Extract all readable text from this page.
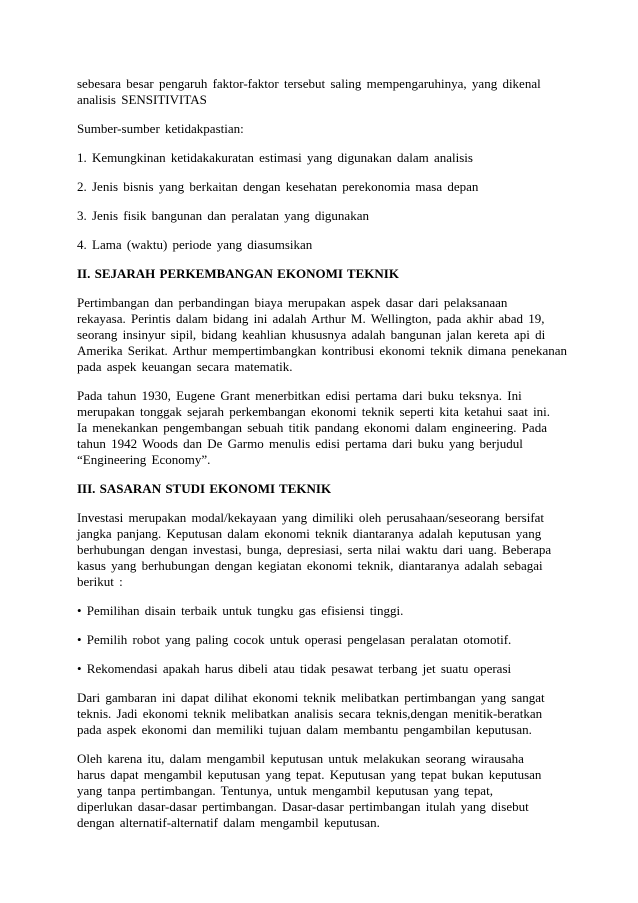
sebesara besar pengaruh faktor-faktor tersebut saling mempengaruhinya, yang dikenal
analisis SENSITIVITAS

Sumber-sumber ketidakpastian:

1. Kemungkinan ketidakakuratan estimasi yang digunakan dalam analisis

2. Jenis bisnis yang berkaitan dengan kesehatan perekonomia masa depan

3. Jenis fisik bangunan dan peralatan yang digunakan

4. Lama (waktu) periode yang diasumsikan

II. SEJARAH PERKEMBANGAN EKONOMI TEKNIK

Pertimbangan dan perbandingan biaya merupakan aspek dasar dari pelaksanaan
rekayasa. Perintis dalam bidang ini adalah Arthur M. Wellington, pada akhir abad 19,
seorang insinyur sipil, bidang keahlian khususnya adalah bangunan jalan kereta api di
Amerika Serikat. Arthur mempertimbangkan kontribusi ekonomi teknik dimana penekanan
pada aspek keuangan secara matematik.

Pada tahun 1930, Eugene Grant menerbitkan edisi pertama dari buku teksnya. Ini
merupakan tonggak sejarah perkembangan ekonomi teknik seperti kita ketahui saat ini.
Ia menekankan pengembangan sebuah titik pandang ekonomi dalam engineering. Pada
tahun 1942 Woods dan De Garmo menulis edisi pertama dari buku yang berjudul
“Engineering Economy”.

III. SASARAN STUDI EKONOMI TEKNIK

Investasi merupakan modal/kekayaan yang dimiliki oleh perusahaan/seseorang bersifat
jangka panjang. Keputusan dalam ekonomi teknik diantaranya adalah keputusan yang
berhubungan dengan investasi, bunga, depresiasi, serta nilai waktu dari uang. Beberapa
kasus yang berhubungan dengan kegiatan ekonomi teknik, diantaranya adalah sebagai
berikut :

• Pemilihan disain terbaik untuk tungku gas efisiensi tinggi.

• Pemilih robot yang paling cocok untuk operasi pengelasan peralatan otomotif.

• Rekomendasi apakah harus dibeli atau tidak pesawat terbang jet suatu operasi

Dari gambaran ini dapat dilihat ekonomi teknik melibatkan pertimbangan yang sangat
teknis. Jadi ekonomi teknik melibatkan analisis secara teknis,dengan menitik-beratkan
pada aspek ekonomi dan memiliki tujuan dalam membantu pengambilan keputusan.

Oleh karena itu, dalam mengambil keputusan untuk melakukan seorang wirausaha
harus dapat mengambil keputusan yang tepat. Keputusan yang tepat bukan keputusan
yang tanpa pertimbangan. Tentunya, untuk mengambil keputusan yang tepat,
diperlukan dasar-dasar pertimbangan. Dasar-dasar pertimbangan itulah yang disebut
dengan alternatif-alternatif dalam mengambil keputusan.
